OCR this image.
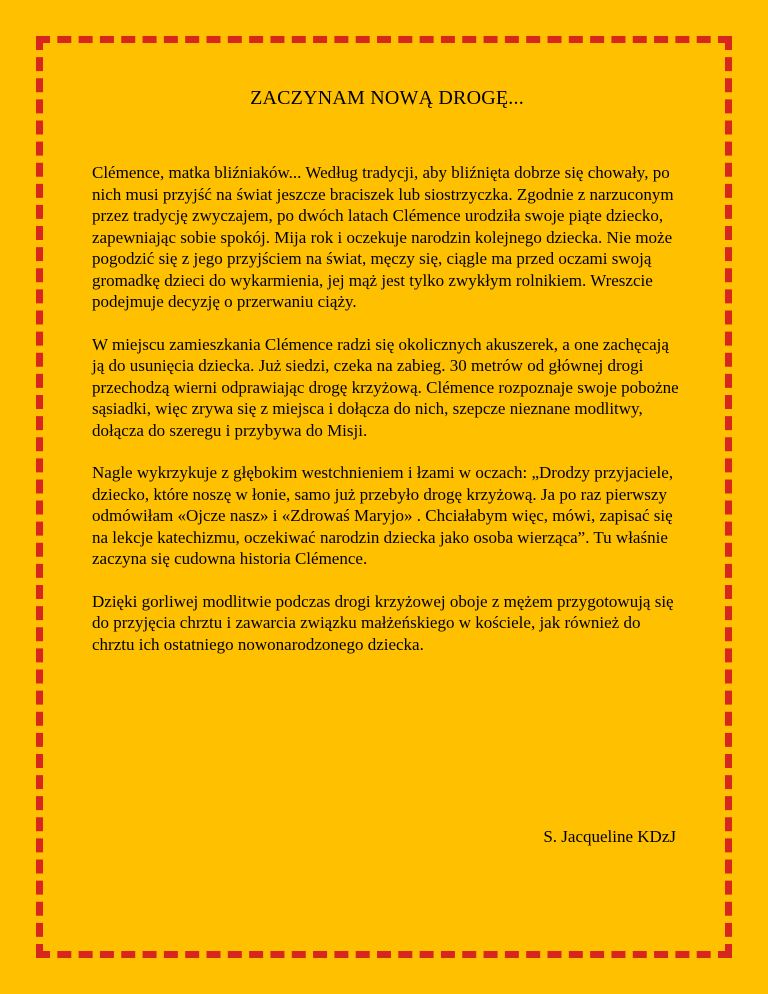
ZACZYNAM NOWĄ DROGĘ...

Clémence, matka bliźniaków... Według tradycji, aby bliźnięta dobrze się chowały, po nich musi przyjść na świat jeszcze braciszek lub siostrzyczka. Zgodnie z narzuconym przez tradycję zwyczajem, po dwóch latach Clémence urodziła swoje piąte dziecko, zapewniając sobie spokój. Mija rok i oczekuje narodzin kolejnego dziecka. Nie może pogodzić się z jego przyjściem na świat, męczy się, ciągle ma przed oczami swoją gromadkę dzieci do wykarmienia, jej mąż jest tylko zwykłym rolnikiem. Wreszcie podejmuje decyzję o przerwaniu ciąży.

W miejscu zamieszkania Clémence radzi się okolicznych akuszerek, a one zachęcają ją do usunięcia dziecka. Już siedzi, czeka na zabieg. 30 metrów od głównej drogi przechodzą wierni odprawiając drogę krzyżową. Clémence rozpoznaje swoje pobożne sąsiadki, więc zrywa się z miejsca i dołącza do nich, szepcze nieznane modlitwy, dołącza do szeregu i przybywa do Misji.

Nagle wykrzykuje z głębokim westchnieniem i łzami w oczach: „Drodzy przyjaciele, dziecko, które noszę w łonie, samo już przebyło drogę krzyżową. Ja po raz pierwszy odmówiłam «Ojcze nasz» i «Zdrowaś Maryjo» . Chciałabym więc, mówi, zapisać się na lekcje katechizmu, oczekiwać narodzin dziecka jako osoba wierząca”. Tu właśnie zaczyna się cudowna historia Clémence.

Dzięki gorliwej modlitwie podczas drogi krzyżowej oboje z mężem przygotowują się do przyjęcia chrztu i zawarcia związku małżeńskiego w kościele, jak również do chrztu ich ostatniego nowonarodzonego dziecka.

S. Jacqueline KDzJ
